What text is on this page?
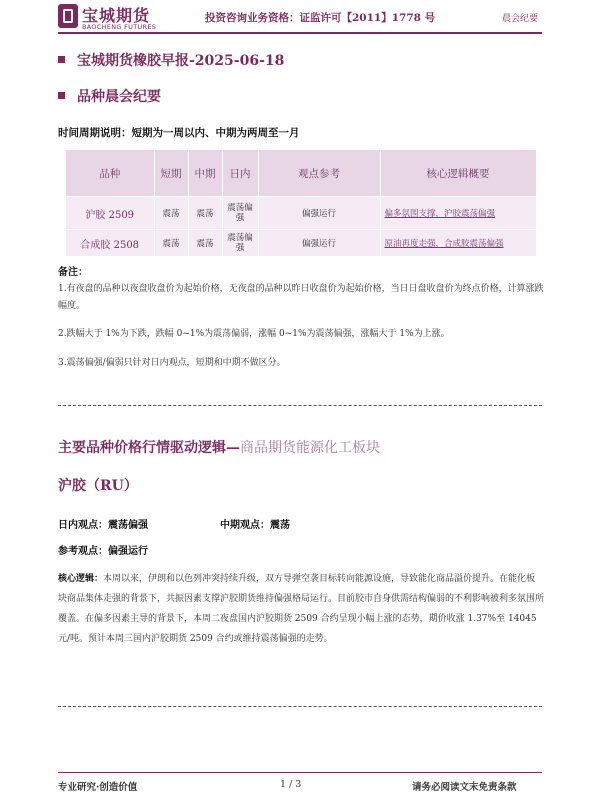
宝城期货
BAOCHENG FUTURES
投资咨询业务资格：证监许可【2011】1778 号	晨会纪要
宝城期货橡胶早报-2025-06-18
品种晨会纪要
时间周期说明：短期为一周以内、中期为两周至一月
品种	短期	中期	日内	观点参考	核心逻辑概要
沪胶 2509	震荡	震荡	震荡偏强	偏强运行	偏多氛围支撑，沪胶震荡偏强
合成胶 2508	震荡	震荡	震荡偏强	偏强运行	原油再度走强，合成胶震荡偏强
备注：
1.有夜盘的品种以夜盘收盘价为起始价格，无夜盘的品种以昨日收盘价为起始价格，当日日盘收盘价为终点价格，计算涨跌幅度。
2.跌幅大于 1%为下跌，跌幅 0~1%为震荡偏弱，涨幅 0~1%为震荡偏强，涨幅大于 1%为上涨。
3.震荡偏强/偏弱只针对日内观点，短期和中期不做区分。
主要品种价格行情驱动逻辑—商品期货能源化工板块
沪胶（RU）
日内观点：震荡偏强	中期观点：震荡
参考观点：偏强运行
核心逻辑：本周以来，伊朗和以色列冲突持续升级，双方导弹空袭目标转向能源设施，导致能化商品溢价提升。在能化板块商品集体走强的背景下，共振因素支撑沪胶期货维持偏强格局运行。目前胶市自身供需结构偏弱的不利影响被利多氛围所覆盖。在偏多因素主导的背景下，本周二夜盘国内沪胶期货 2509 合约呈现小幅上涨的态势，期价收涨 1.37%至 14045 元/吨。预计本周三国内沪胶期货 2509 合约或维持震荡偏强的走势。
专业研究·创造价值	1 / 3	请务必阅读文末免责条款
